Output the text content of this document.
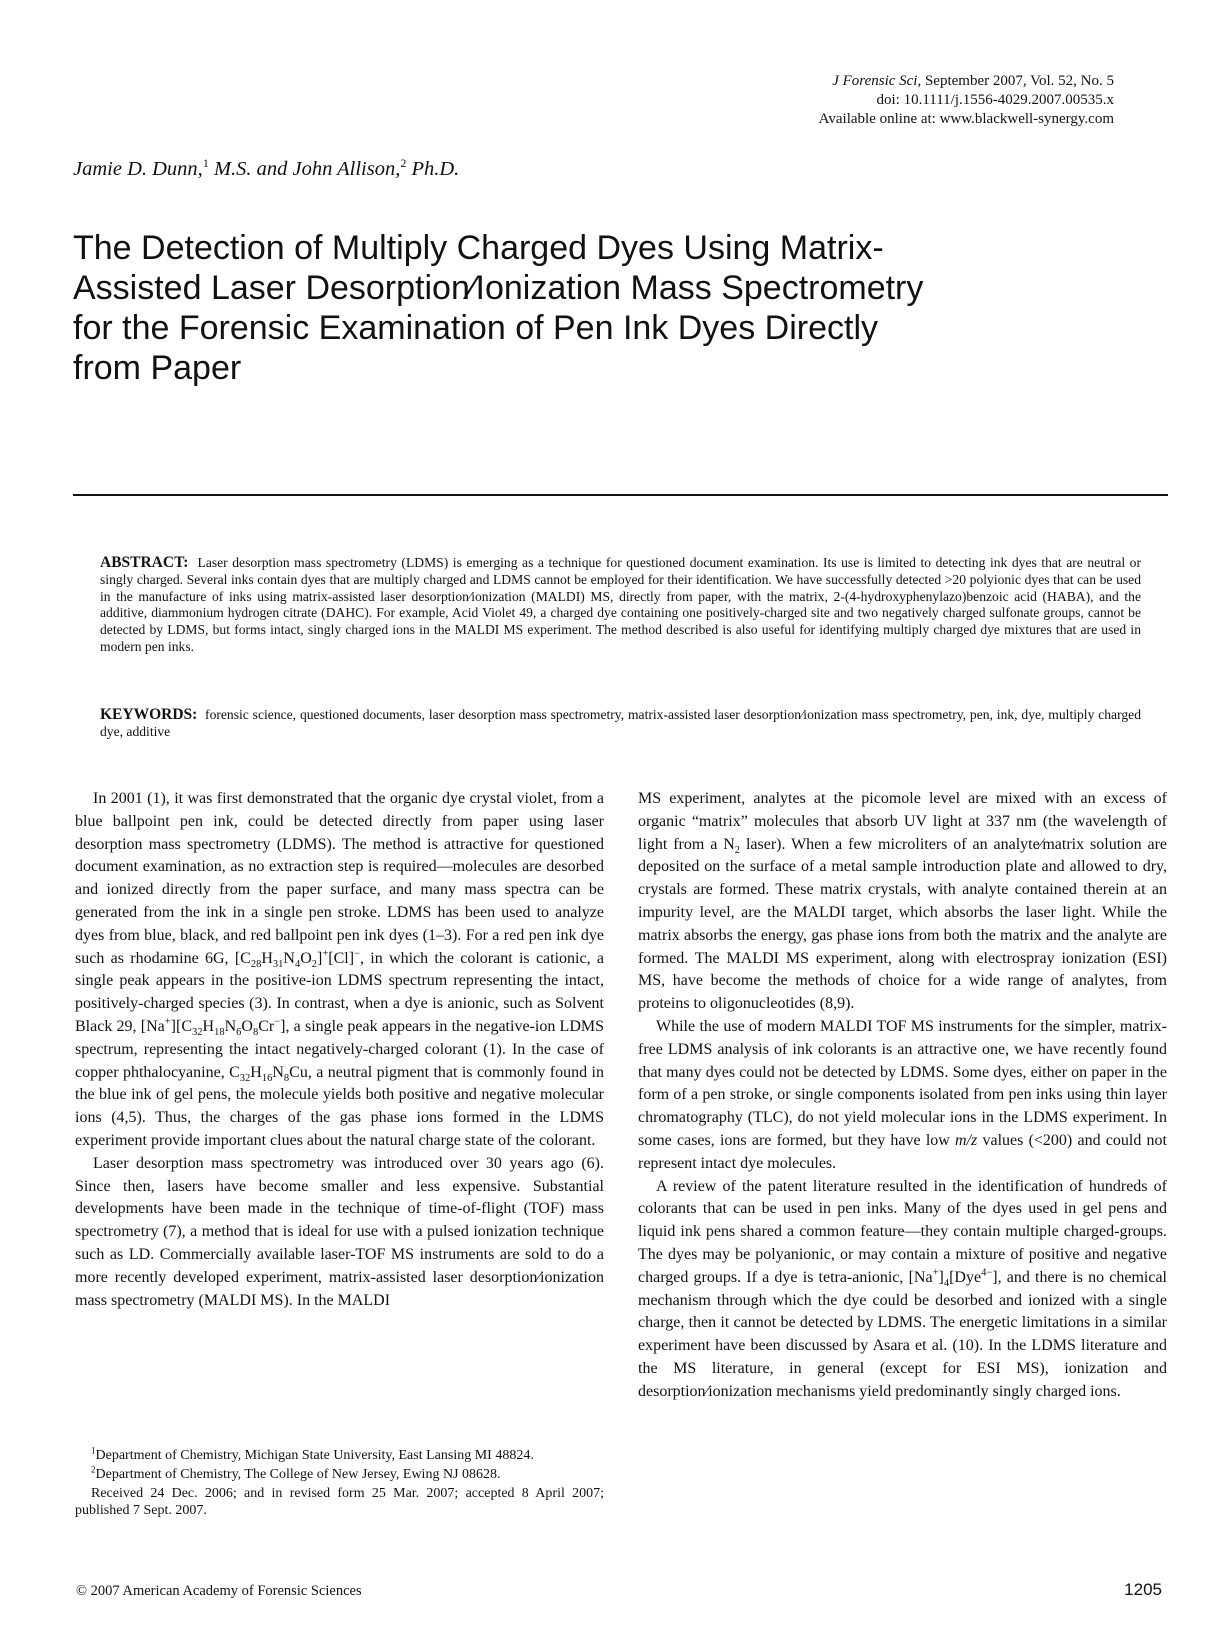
J Forensic Sci, September 2007, Vol. 52, No. 5
doi: 10.1111/j.1556-4029.2007.00535.x
Available online at: www.blackwell-synergy.com
Jamie D. Dunn,$^1$ M.S. and John Allison,$^2$ Ph.D.
The Detection of Multiply Charged Dyes Using Matrix-Assisted Laser Desorption⁄Ionization Mass Spectrometry for the Forensic Examination of Pen Ink Dyes Directly from Paper
ABSTRACT: Laser desorption mass spectrometry (LDMS) is emerging as a technique for questioned document examination. Its use is limited to detecting ink dyes that are neutral or singly charged. Several inks contain dyes that are multiply charged and LDMS cannot be employed for their identification. We have successfully detected >20 polyionic dyes that can be used in the manufacture of inks using matrix-assisted laser desorption⁄ionization (MALDI) MS, directly from paper, with the matrix, 2-(4-hydroxyphenylazo)benzoic acid (HABA), and the additive, diammonium hydrogen citrate (DAHC). For example, Acid Violet 49, a charged dye containing one positively-charged site and two negatively charged sulfonate groups, cannot be detected by LDMS, but forms intact, singly charged ions in the MALDI MS experiment. The method described is also useful for identifying multiply charged dye mixtures that are used in modern pen inks.
KEYWORDS: forensic science, questioned documents, laser desorption mass spectrometry, matrix-assisted laser desorption⁄ionization mass spectrometry, pen, ink, dye, multiply charged dye, additive

In 2001 (1), it was first demonstrated that the organic dye crystal violet, from a blue ballpoint pen ink, could be detected directly from paper using laser desorption mass spectrometry (LDMS). The method is attractive for questioned document examination, as no extraction step is required—molecules are desorbed and ionized directly from the paper surface, and many mass spectra can be generated from the ink in a single pen stroke. LDMS has been used to analyze dyes from blue, black, and red ballpoint pen ink dyes (1–3). For a red pen ink dye such as rhodamine 6G, $[C_{28}H_{31}N_4O_2]^+[Cl]^-$, in which the colorant is cationic, a single peak appears in the positive-ion LDMS spectrum representing the intact, positively-charged species (3). In contrast, when a dye is anionic, such as Solvent Black 29, $[Na^+][C_{32}H_{18}N_6O_8Cr^-]$, a single peak appears in the negative-ion LDMS spectrum, representing the intact negatively-charged colorant (1). In the case of copper phthalocyanine, $C_{32}H_{16}N_8Cu$, a neutral pigment that is commonly found in the blue ink of gel pens, the molecule yields both positive and negative molecular ions (4,5). Thus, the charges of the gas phase ions formed in the LDMS experiment provide important clues about the natural charge state of the colorant.

Laser desorption mass spectrometry was introduced over 30 years ago (6). Since then, lasers have become smaller and less expensive. Substantial developments have been made in the technique of time-of-flight (TOF) mass spectrometry (7), a method that is ideal for use with a pulsed ionization technique such as LD. Commercially available laser-TOF MS instruments are sold to do a more recently developed experiment, matrix-assisted laser desorption⁄ionization mass spectrometry (MALDI MS). In the MALDI

MS experiment, analytes at the picomole level are mixed with an excess of organic “matrix” molecules that absorb UV light at 337 nm (the wavelength of light from a $N_2$ laser). When a few microliters of an analyte⁄matrix solution are deposited on the surface of a metal sample introduction plate and allowed to dry, crystals are formed. These matrix crystals, with analyte contained therein at an impurity level, are the MALDI target, which absorbs the laser light. While the matrix absorbs the energy, gas phase ions from both the matrix and the analyte are formed. The MALDI MS experiment, along with electrospray ionization (ESI) MS, have become the methods of choice for a wide range of analytes, from proteins to oligonucleotides (8,9).

While the use of modern MALDI TOF MS instruments for the simpler, matrix-free LDMS analysis of ink colorants is an attractive one, we have recently found that many dyes could not be detected by LDMS. Some dyes, either on paper in the form of a pen stroke, or single components isolated from pen inks using thin layer chromatography (TLC), do not yield molecular ions in the LDMS experiment. In some cases, ions are formed, but they have low m/z values (<200) and could not represent intact dye molecules.

A review of the patent literature resulted in the identification of hundreds of colorants that can be used in pen inks. Many of the dyes used in gel pens and liquid ink pens shared a common feature—they contain multiple charged-groups. The dyes may be polyanionic, or may contain a mixture of positive and negative charged groups. If a dye is tetra-anionic, $[Na^+]_4[Dye^{4-}]$, and there is no chemical mechanism through which the dye could be desorbed and ionized with a single charge, then it cannot be detected by LDMS. The energetic limitations in a similar experiment have been discussed by Asara et al. (10). In the LDMS literature and the MS literature, in general (except for ESI MS), ionization and desorption⁄ionization mechanisms yield predominantly singly charged ions.

$^1$Department of Chemistry, Michigan State University, East Lansing MI 48824.

$^2$Department of Chemistry, The College of New Jersey, Ewing NJ 08628.

Received 24 Dec. 2006; and in revised form 25 Mar. 2007; accepted 8 April 2007; published 7 Sept. 2007.

© 2007 American Academy of Forensic Sciences	1205
